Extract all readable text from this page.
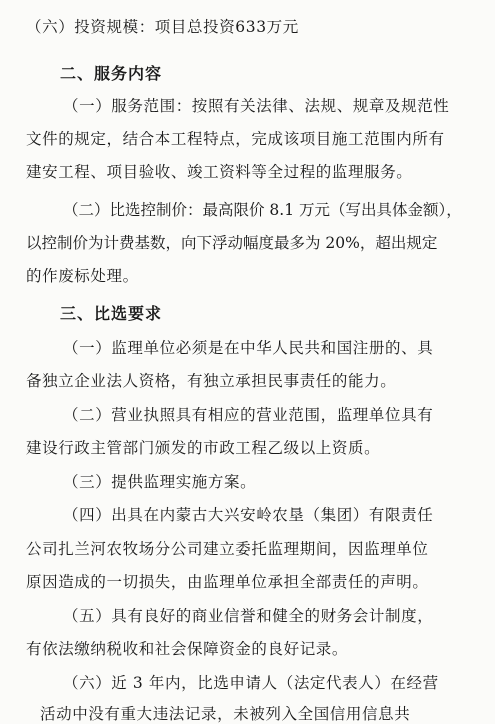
（六）投资规模：项目总投资633万元
二、服务内容
（一）服务范围：按照有关法律、法规、规章及规范性
文件的规定，结合本工程特点，完成该项目施工范围内所有
建安工程、项目验收、竣工资料等全过程的监理服务。
（二）比选控制价：最高限价 8.1 万元（写出具体金额），
以控制价为计费基数，向下浮动幅度最多为 20%，超出规定
的作废标处理。
三、比选要求
（一）监理单位必须是在中华人民共和国注册的、具
备独立企业法人资格，有独立承担民事责任的能力。
（二）营业执照具有相应的营业范围，监理单位具有
建设行政主管部门颁发的市政工程乙级以上资质。
（三）提供监理实施方案。
（四）出具在内蒙古大兴安岭农垦（集团）有限责任
公司扎兰河农牧场分公司建立委托监理期间，因监理单位
原因造成的一切损失，由监理单位承担全部责任的声明。
（五）具有良好的商业信誉和健全的财务会计制度，
有依法缴纳税收和社会保障资金的良好记录。
（六）近 3 年内，比选申请人（法定代表人）在经营
活动中没有重大违法记录，未被列入全国信用信息共
